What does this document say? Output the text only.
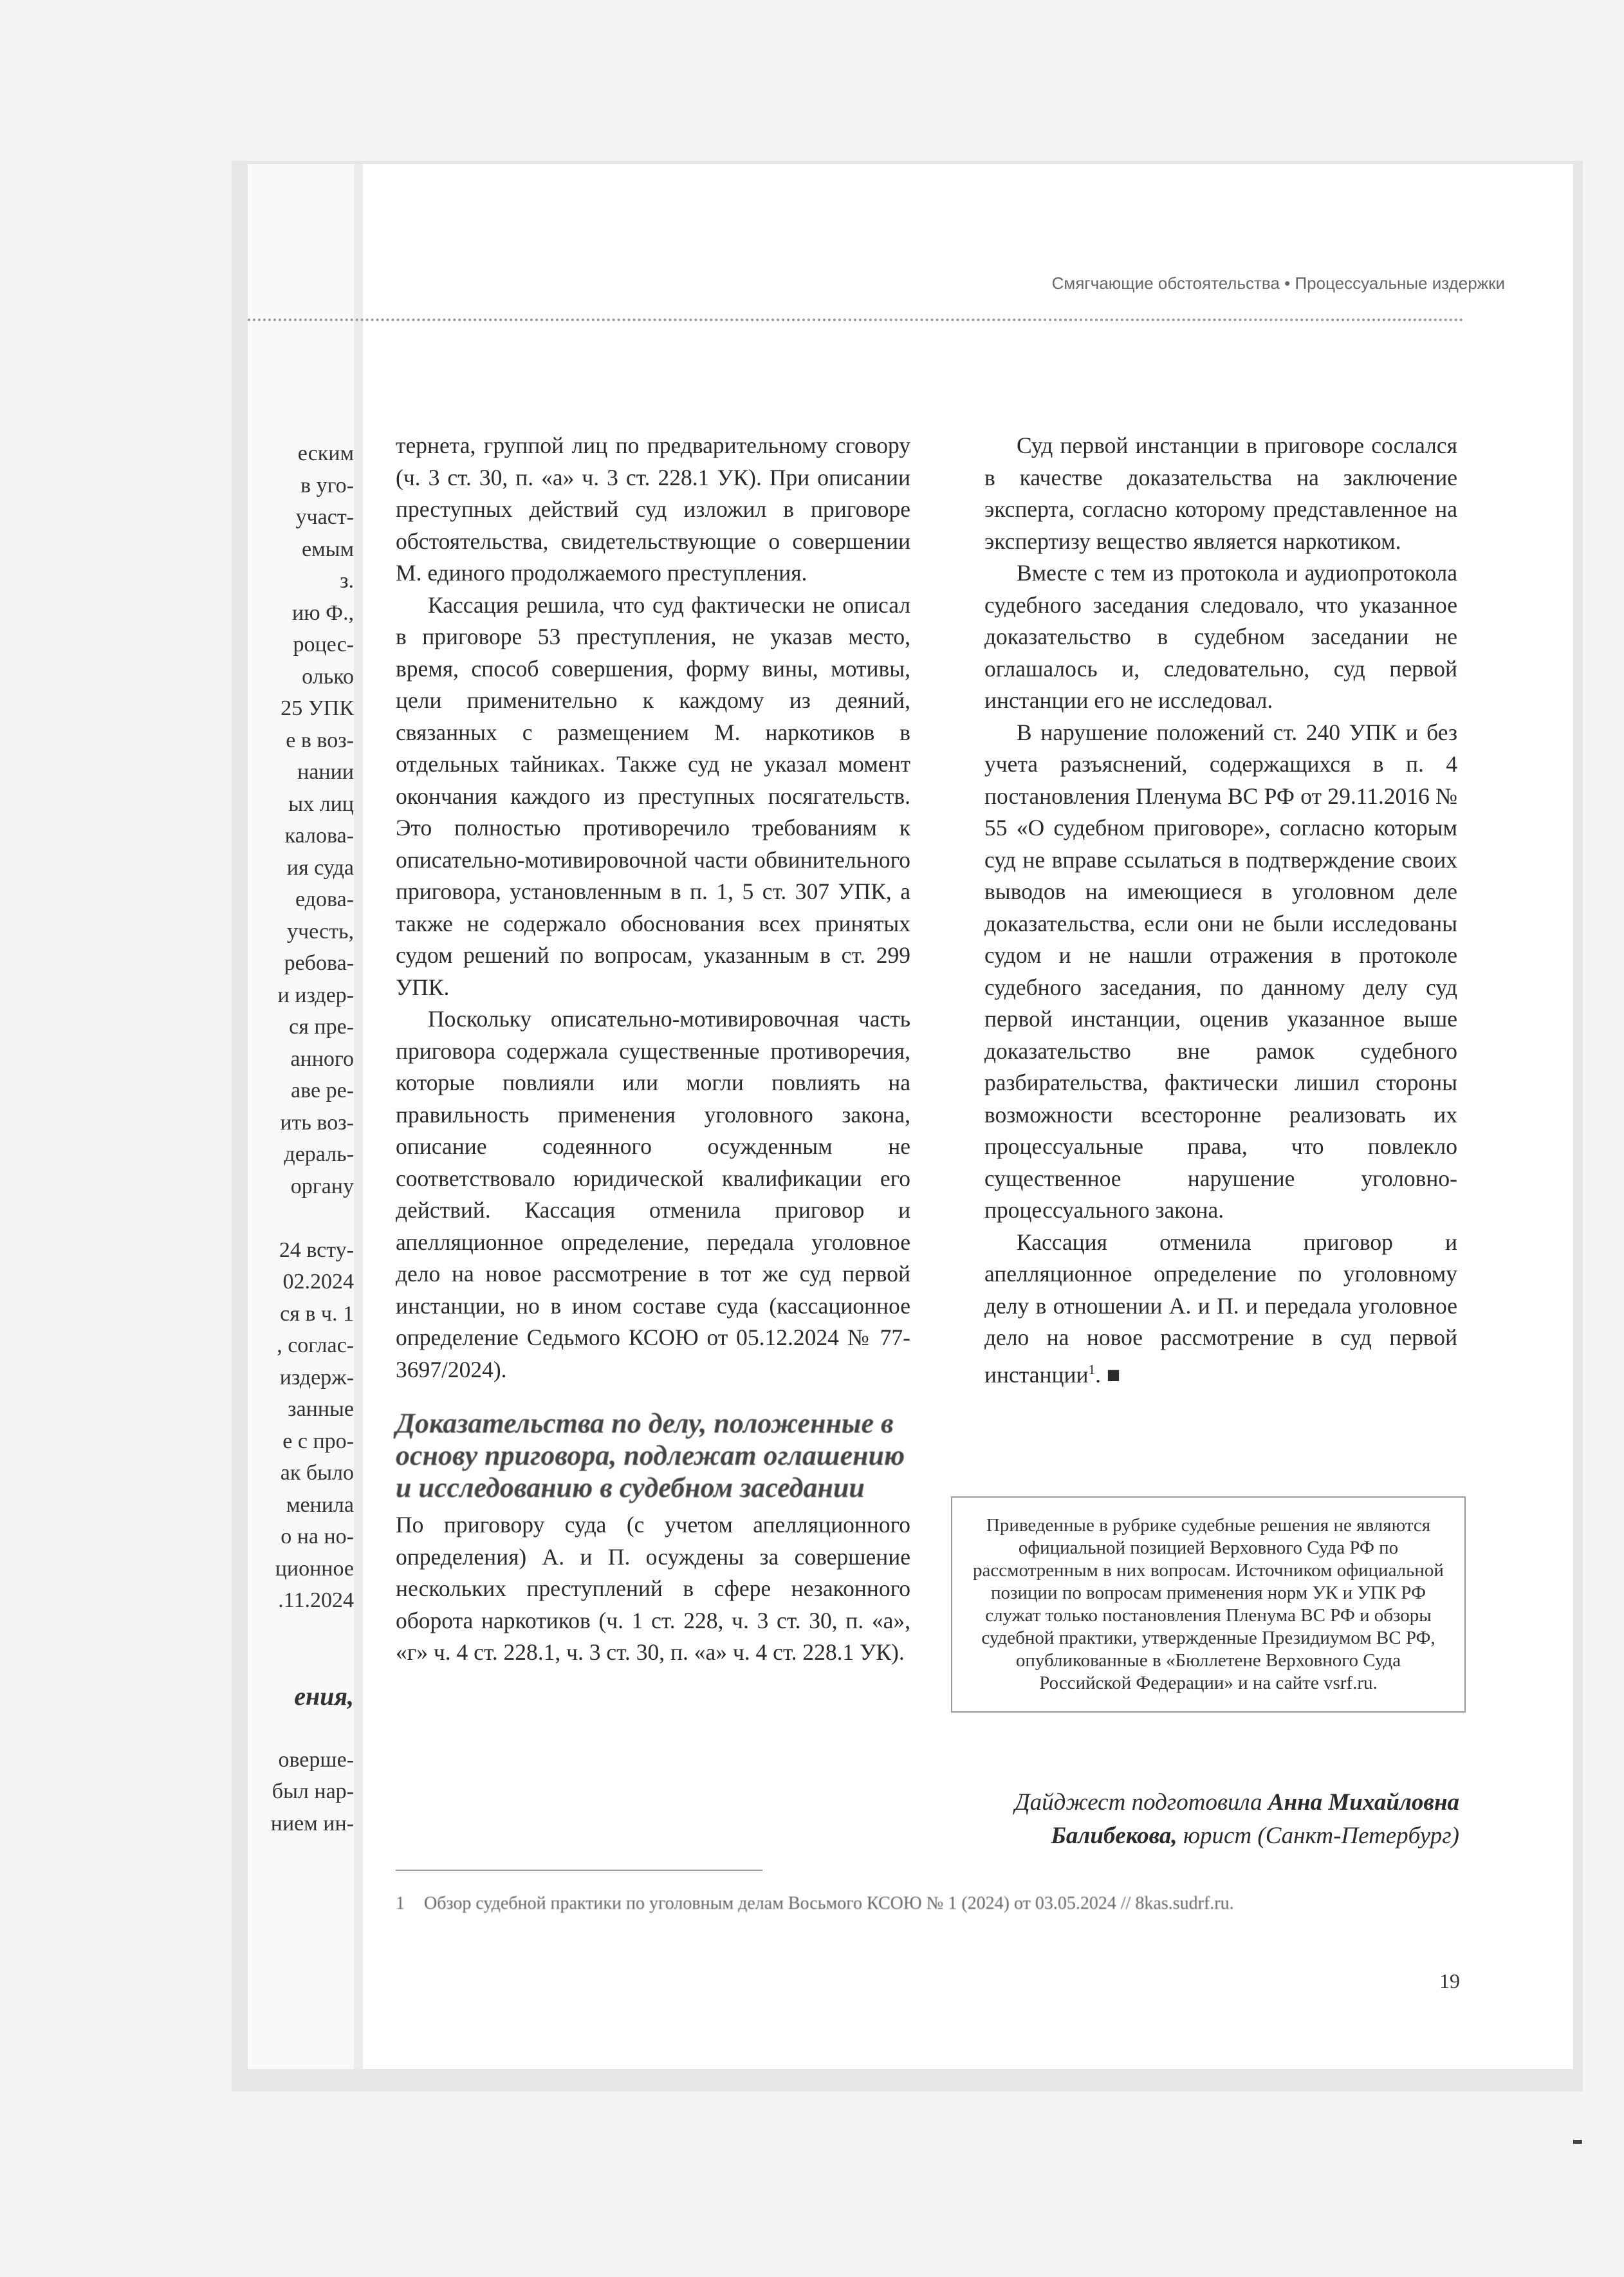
еским
в уго-
участ-
емым
з.
ию Ф.,
роцес-
олько
25 УПК
е в воз-
нании
ых лиц
калова-
ия суда
едова-
учесть,
ребова-
и издер-
ся пре-
анного
аве ре-
ить воз-
дераль-
органу
24 всту-
02.2024
ся в ч. 1
, соглас-
издерж-
занные
е с про-
ак было
менила
о на но-
ционное
.11.2024
ения,
оверше-
был нар-
нием ин-
Смягчающие обстоятельства • Процессуальные издержки

тернета, группой лиц по предварительному сговору (ч. 3 ст. 30, п. «а» ч. 3 ст. 228.1 УК). При описании преступных действий суд изложил в приговоре обстоятельства, свидетельствующие о совершении М. единого продолжаемого преступления.

Кассация решила, что суд фактически не описал в приговоре 53 преступления, не указав место, время, способ совершения, форму вины, мотивы, цели применительно к каждому из деяний, связанных с размещением М. наркотиков в отдельных тайниках. Также суд не указал момент окончания каждого из преступных посягательств. Это полностью противоречило требованиям к описательно-мотивировочной части обвинительного приговора, установленным в п. 1, 5 ст. 307 УПК, а также не содержало обоснования всех принятых судом решений по вопросам, указанным в ст. 299 УПК.

Поскольку описательно-мотивировочная часть приговора содержала существенные противоречия, которые повлияли или могли повлиять на правильность применения уголовного закона, описание содеянного осужденным не соответствовало юридической квалификации его действий. Кассация отменила приговор и апелляционное определение, передала уголовное дело на новое рассмотрение в тот же суд первой инстанции, но в ином составе суда (кассационное определение Седьмого КСОЮ от 05.12.2024 № 77-3697/2024).

Доказательства по делу, положенные в основу приговора, подлежат оглашению и исследованию в судебном заседании

По приговору суда (с учетом апелляционного определения) А. и П. осуждены за совершение нескольких преступлений в сфере незаконного оборота наркотиков (ч. 1 ст. 228, ч. 3 ст. 30, п. «а», «г» ч. 4 ст. 228.1, ч. 3 ст. 30, п. «а» ч. 4 ст. 228.1 УК).

Суд первой инстанции в приговоре сослался в качестве доказательства на заключение эксперта, согласно которому представленное на экспертизу вещество является наркотиком.

Вместе с тем из протокола и аудиопротокола судебного заседания следовало, что указанное доказательство в судебном заседании не оглашалось и, следовательно, суд первой инстанции его не исследовал.

В нарушение положений ст. 240 УПК и без учета разъяснений, содержащихся в п. 4 постановления Пленума ВС РФ от 29.11.2016 № 55 «О судебном приговоре», согласно которым суд не вправе ссылаться в подтверждение своих выводов на имеющиеся в уголовном деле доказательства, если они не были исследованы судом и не нашли отражения в протоколе судебного заседания, по данному делу суд первой инстанции, оценив указанное выше доказательство вне рамок судебного разбирательства, фактически лишил стороны возможности всесторонне реализовать их процессуальные права, что повлекло существенное нарушение уголовно-процессуального закона.

Кассация отменила приговор и апелляционное определение по уголовному делу в отношении А. и П. и передала уголовное дело на новое рассмотрение в суд первой инстанции$^1$. ■

Приведенные в рубрике судебные решения не являются официальной позицией Верховного Суда РФ по рассмотренным в них вопросам. Источником официальной позиции по вопросам применения норм УК и УПК РФ служат только постановления Пленума ВС РФ и обзоры судебной практики, утвержденные Президиумом ВС РФ, опубликованные в «Бюллетене Верховного Суда Российской Федерации» и на сайте vsrf.ru.
Дайджест подготовила Анна Михайловна Балибекова, юрист (Санкт-Петербург)
1 Обзор судебной практики по уголовным делам Восьмого КСОЮ № 1 (2024) от 03.05.2024 // 8kas.sudrf.ru.
19
